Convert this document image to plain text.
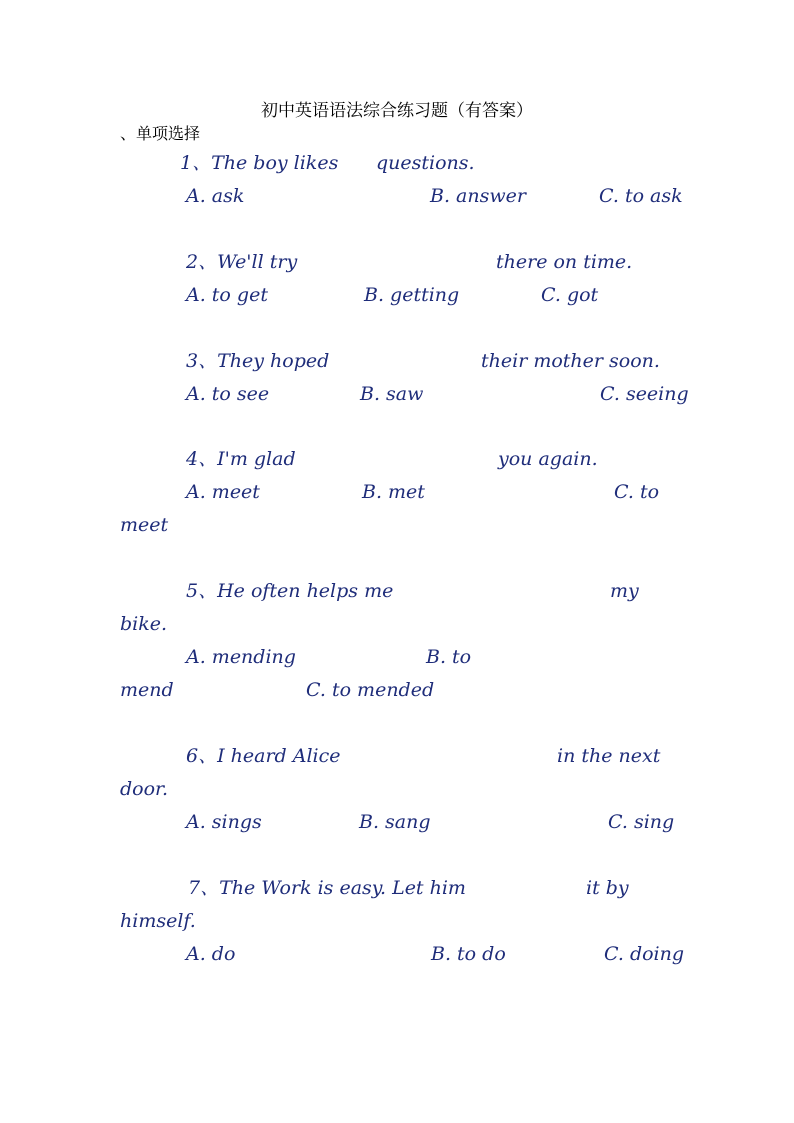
初中英语语法综合练习题（有答案）
、单项选择
1、The boy likes questions.
A. ask	B. answer	C. to ask
2、We'll try	there on time.
A. to get	B. getting	C. got
3、They hoped	their mother soon.
A. to see	B. saw	C. seeing
4、I'm glad	you again.
A. meet	B. met	C. to
meet
5、He often helps me	my
bike.
A. mending	B. to
mend	C. to mended
6、I heard Alice	in the next
door.
A. sings	B. sang	C. sing
7、The Work is easy. Let him	it by
himself.
A. do	B. to do	C. doing
